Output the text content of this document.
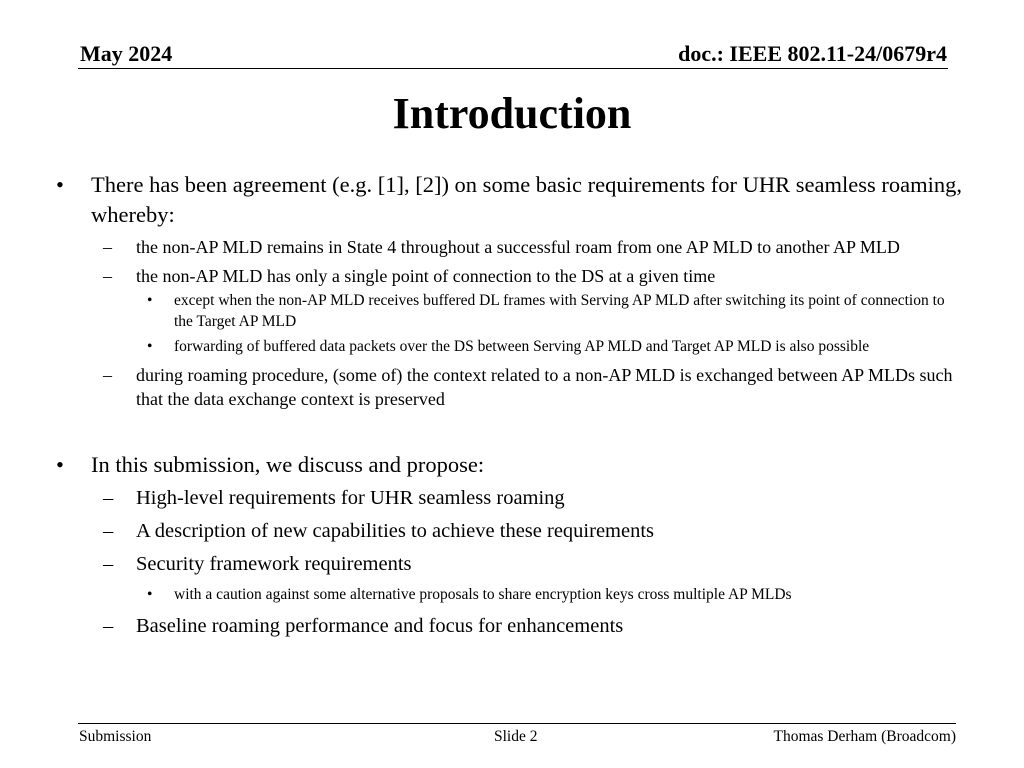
May 2024	doc.: IEEE 802.11-24/0679r4
Introduction
• There has been agreement (e.g. [1], [2]) on some basic requirements for UHR seamless roaming, whereby:
– the non-AP MLD remains in State 4 throughout a successful roam from one AP MLD to another AP MLD
– the non-AP MLD has only a single point of connection to the DS at a given time
• except when the non-AP MLD receives buffered DL frames with Serving AP MLD after switching its point of connection to the Target AP MLD
• forwarding of buffered data packets over the DS between Serving AP MLD and Target AP MLD is also possible
– during roaming procedure, (some of) the context related to a non-AP MLD is exchanged between AP MLDs such that the data exchange context is preserved
• In this submission, we discuss and propose:
– High-level requirements for UHR seamless roaming
– A description of new capabilities to achieve these requirements
– Security framework requirements
• with a caution against some alternative proposals to share encryption keys cross multiple AP MLDs
– Baseline roaming performance and focus for enhancements
Submission	Slide 2	Thomas Derham (Broadcom)
